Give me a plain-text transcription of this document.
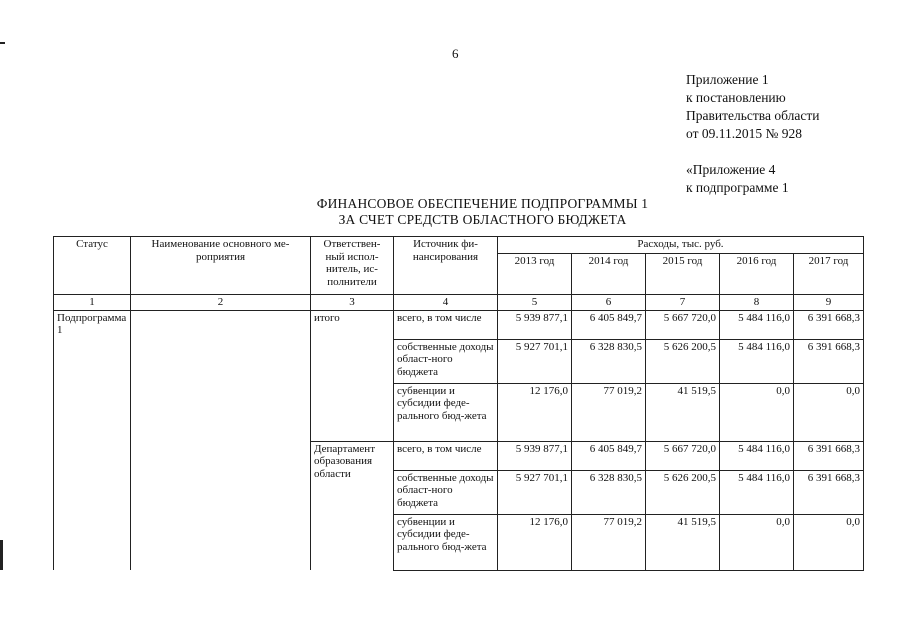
6
Приложение 1
к постановлению
Правительства области
от 09.11.2015 № 928
«Приложение 4
к подпрограмме 1
ФИНАНСОВОЕ ОБЕСПЕЧЕНИЕ ПОДПРОГРАММЫ 1
ЗА СЧЕТ СРЕДСТВ ОБЛАСТНОГО БЮДЖЕТА
Статус	Наименование основного ме-роприятия	Ответствен-ный испол-нитель, ис-полнители	Источник фи-нансирования	Расходы, тыс. руб.				
				2013 год	2014 год	2015 год	2016 год	2017 год
1	2	3	4	5	6	7	8	9
Подпрограмма 1		итого	всего, в том числе	5 939 877,1	6 405 849,7	5 667 720,0	5 484 116,0	6 391 668,3
			собственные доходы област-ного бюджета	5 927 701,1	6 328 830,5	5 626 200,5	5 484 116,0	6 391 668,3
			субвенции и субсидии феде-рального бюд-жета	12 176,0	77 019,2	41 519,5	0,0	0,0
		Департамент образования области	всего, в том числе	5 939 877,1	6 405 849,7	5 667 720,0	5 484 116,0	6 391 668,3
			собственные доходы област-ного бюджета	5 927 701,1	6 328 830,5	5 626 200,5	5 484 116,0	6 391 668,3
			субвенции и субсидии феде-рального бюд-жета	12 176,0	77 019,2	41 519,5	0,0	0,0
